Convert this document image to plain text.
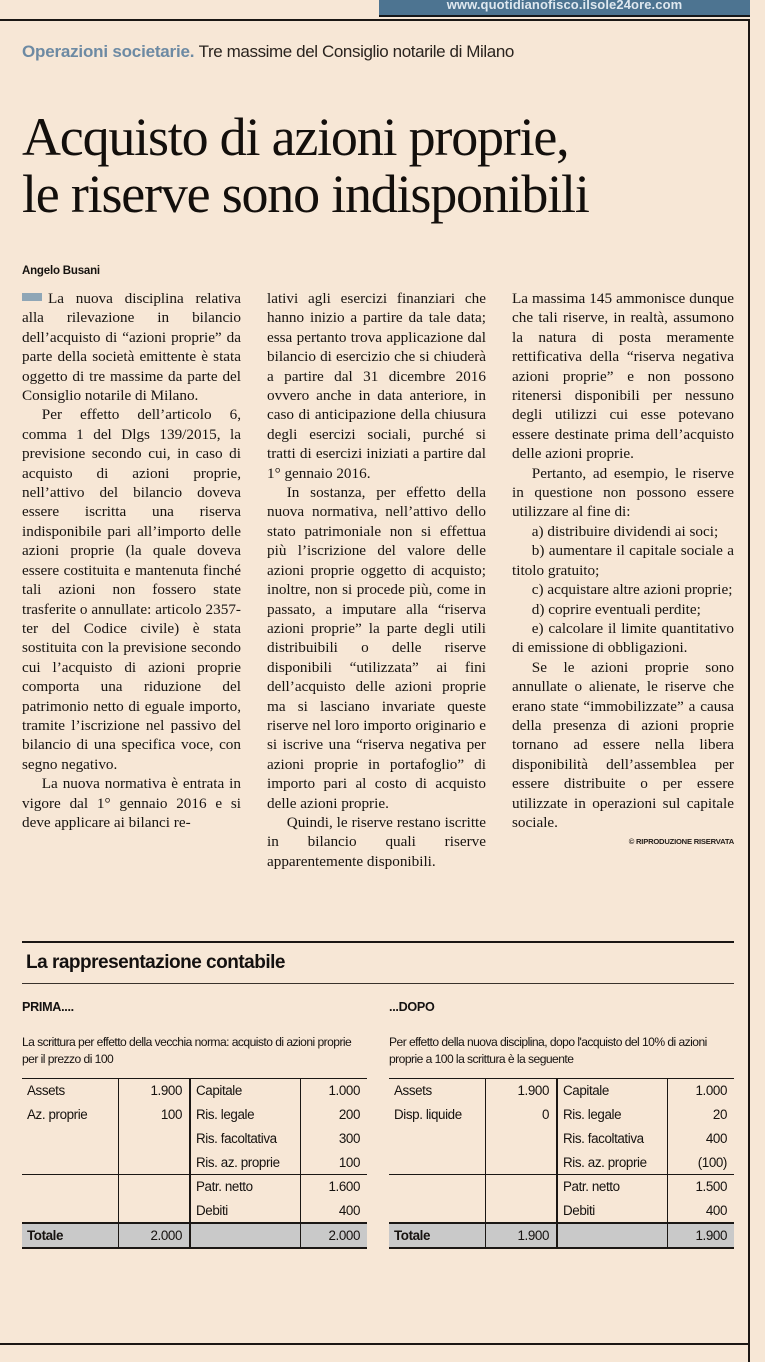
www.quotidianofisco.ilsole24ore.com
Operazioni societarie. Tre massime del Consiglio notarile di Milano
Acquisto di azioni proprie,
le riserve sono indisponibili
Angelo Busani

La nuova disciplina relativa alla rilevazione in bilancio dell’acquisto di “azioni proprie” da parte della società emittente è stata oggetto di tre massime da parte del Consiglio notarile di Milano.

Per effetto dell’articolo 6, comma 1 del Dlgs 139/2015, la previsione secondo cui, in caso di acquisto di azioni proprie, nell’attivo del bilancio doveva essere iscritta una riserva indisponibile pari all’importo delle azioni proprie (la quale doveva essere costituita e mantenuta finché tali azioni non fossero state trasferite o annullate: articolo 2357-ter del Codice civile) è stata sostituita con la previsione secondo cui l’acquisto di azioni proprie comporta una riduzione del patrimonio netto di eguale importo, tramite l’iscrizione nel passivo del bilancio di una specifica voce, con segno negativo.

La nuova normativa è entrata in vigore dal 1° gennaio 2016 e si deve applicare ai bilanci re-

lativi agli esercizi finanziari che hanno inizio a partire da tale data; essa pertanto trova applicazione dal bilancio di esercizio che si chiuderà a partire dal 31 dicembre 2016 ovvero anche in data anteriore, in caso di anticipazione della chiusura degli esercizi sociali, purché si tratti di esercizi iniziati a partire dal 1° gennaio 2016.

In sostanza, per effetto della nuova normativa, nell’attivo dello stato patrimoniale non si effettua più l’iscrizione del valore delle azioni proprie oggetto di acquisto; inoltre, non si procede più, come in passato, a imputare alla “riserva azioni proprie” la parte degli utili distribuibili o delle riserve disponibili “utilizzata” ai fini dell’acquisto delle azioni proprie ma si lasciano invariate queste riserve nel loro importo originario e si iscrive una “riserva negativa per azioni proprie in portafoglio” di importo pari al costo di acquisto delle azioni proprie.

Quindi, le riserve restano iscritte in bilancio quali riserve apparentemente disponibili.

La massima 145 ammonisce dunque che tali riserve, in realtà, assumono la natura di posta meramente rettificativa della “riserva negativa azioni proprie” e non possono ritenersi disponibili per nessuno degli utilizzi cui esse potevano essere destinate prima dell’acquisto delle azioni proprie.

Pertanto, ad esempio, le riserve in questione non possono essere utilizzare al fine di:

a) distribuire dividendi ai soci;

b) aumentare il capitale sociale a titolo gratuito;

c) acquistare altre azioni proprie;

d) coprire eventuali perdite;

e) calcolare il limite quantitativo di emissione di obbligazioni.

Se le azioni proprie sono annullate o alienate, le riserve che erano state “immobilizzate” a causa della presenza di azioni proprie tornano ad essere nella libera disponibilità dell’assemblea per essere distribuite o per essere utilizzate in operazioni sul capitale sociale.

© RIPRODUZIONE RISERVATA

La rappresentazione contabile
PRIMA....
La scrittura per effetto della vecchia norma: acquisto di azioni proprie per il prezzo di 100
Assets	1.900	Capitale	1.000
Az. proprie	100	Ris. legale	200
		Ris. facoltativa	300
		Ris. az. proprie	100
		Patr. netto	1.600
		Debiti	400
Totale	2.000		2.000
...DOPO
Per effetto della nuova disciplina, dopo l'acquisto del 10% di azioni proprie a 100 la scrittura è la seguente
Assets	1.900	Capitale	1.000
Disp. liquide	0	Ris. legale	20
		Ris. facoltativa	400
		Ris. az. proprie	(100)
		Patr. netto	1.500
		Debiti	400
Totale	1.900		1.900
